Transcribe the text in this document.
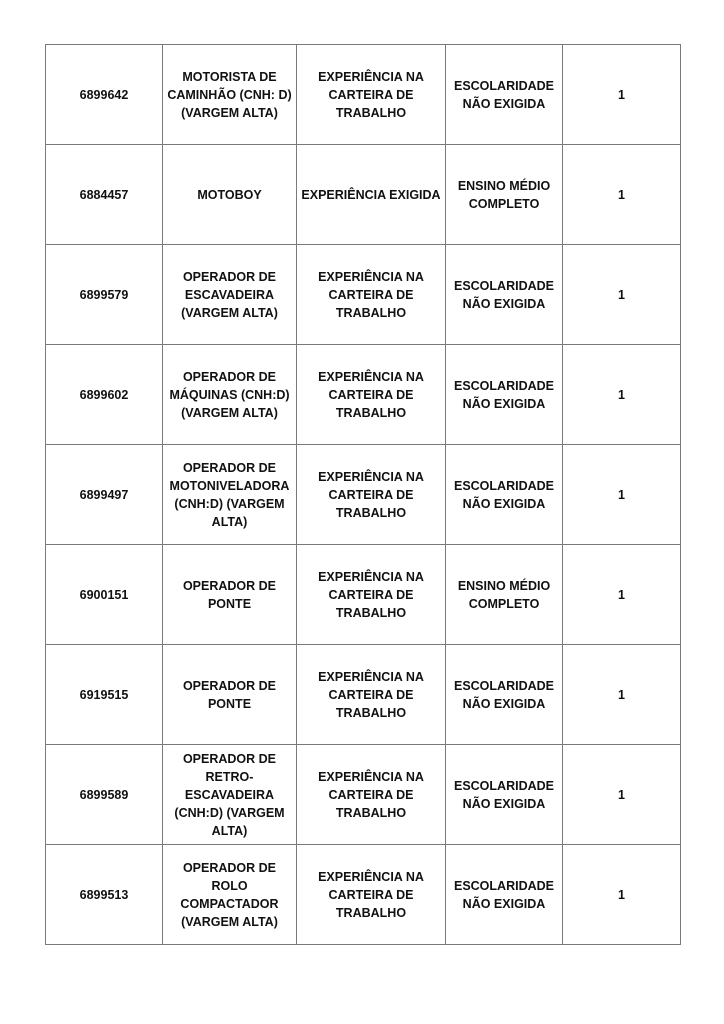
6899642	MOTORISTA DE
CAMINHÃO (CNH: D)
(VARGEM ALTA)	EXPERIÊNCIA NA
CARTEIRA DE
TRABALHO	ESCOLARIDADE
NÃO EXIGIDA	1
6884457	MOTOBOY	EXPERIÊNCIA EXIGIDA	ENSINO MÉDIO
COMPLETO	1
6899579	OPERADOR DE
ESCAVADEIRA
(VARGEM ALTA)	EXPERIÊNCIA NA
CARTEIRA DE
TRABALHO	ESCOLARIDADE
NÃO EXIGIDA	1
6899602	OPERADOR DE
MÁQUINAS (CNH:D)
(VARGEM ALTA)	EXPERIÊNCIA NA
CARTEIRA DE
TRABALHO	ESCOLARIDADE
NÃO EXIGIDA	1
6899497	OPERADOR DE
MOTONIVELADORA
(CNH:D) (VARGEM
ALTA)	EXPERIÊNCIA NA
CARTEIRA DE
TRABALHO	ESCOLARIDADE
NÃO EXIGIDA	1
6900151	OPERADOR DE
PONTE	EXPERIÊNCIA NA
CARTEIRA DE
TRABALHO	ENSINO MÉDIO
COMPLETO	1
6919515	OPERADOR DE
PONTE	EXPERIÊNCIA NA
CARTEIRA DE
TRABALHO	ESCOLARIDADE
NÃO EXIGIDA	1
6899589	OPERADOR DE RETRO-
ESCAVADEIRA
(CNH:D) (VARGEM
ALTA)	EXPERIÊNCIA NA
CARTEIRA DE
TRABALHO	ESCOLARIDADE
NÃO EXIGIDA	1
6899513	OPERADOR DE ROLO
COMPACTADOR
(VARGEM ALTA)	EXPERIÊNCIA NA
CARTEIRA DE
TRABALHO	ESCOLARIDADE
NÃO EXIGIDA	1
